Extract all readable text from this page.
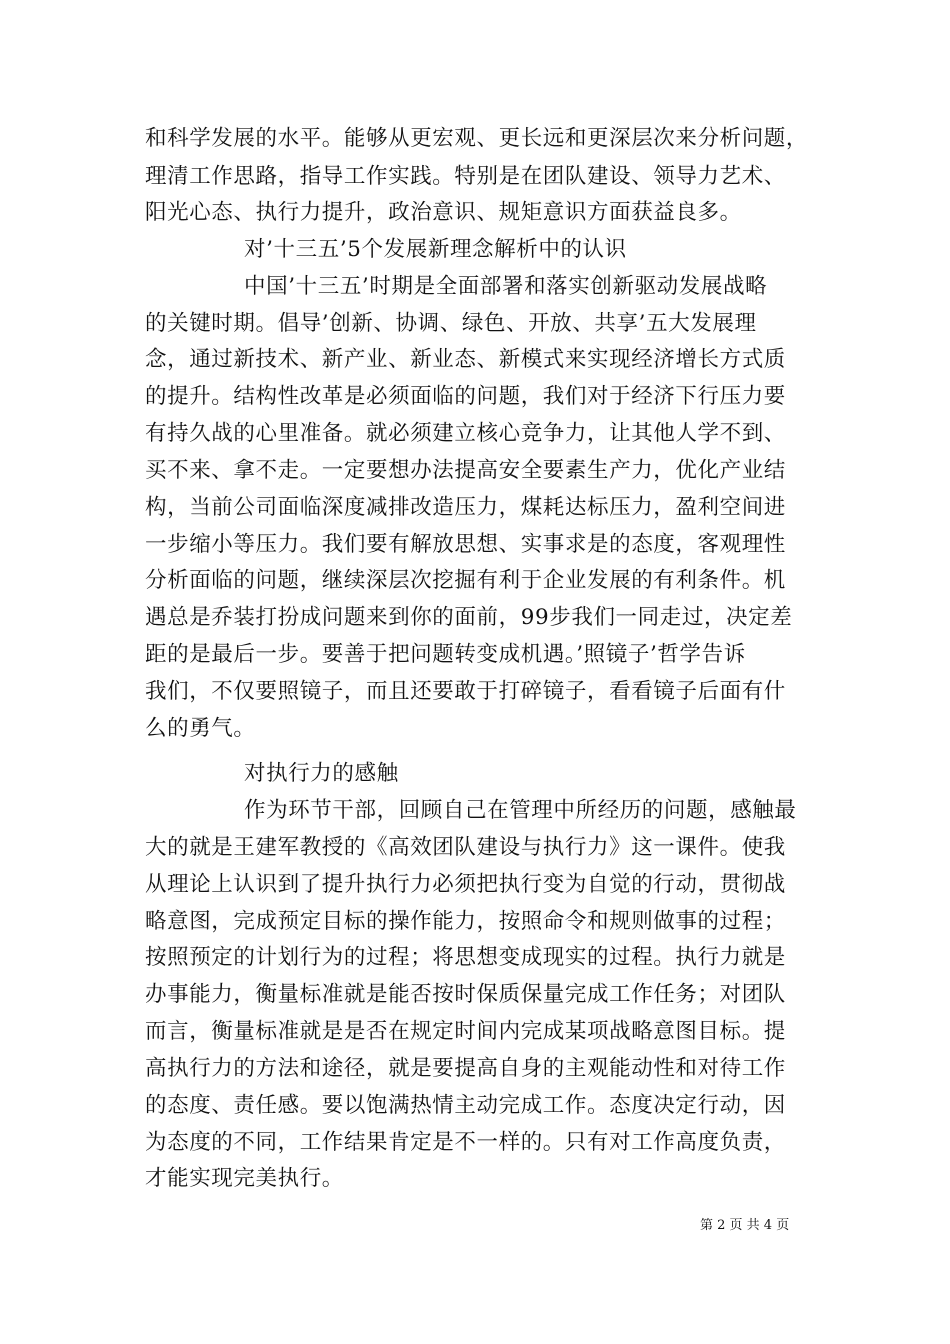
和科学发展的水平。能够从更宏观、更长远和更深层次来分析问题，
理清工作思路，指导工作实践。特别是在团队建设、领导力艺术、
阳光心态、执行力提升，政治意识、规矩意识方面获益良多。
对’十三五’5个发展新理念解析中的认识
中国’十三五’时期是全面部署和落实创新驱动发展战略
的关键时期。倡导’创新、协调、绿色、开放、共享’五大发展理
念，通过新技术、新产业、新业态、新模式来实现经济增长方式质
的提升。结构性改革是必须面临的问题，我们对于经济下行压力要
有持久战的心里准备。就必须建立核心竞争力，让其他人学不到、
买不来、拿不走。一定要想办法提高安全要素生产力，优化产业结
构，当前公司面临深度减排改造压力，煤耗达标压力，盈利空间进
一步缩小等压力。我们要有解放思想、实事求是的态度，客观理性
分析面临的问题，继续深层次挖掘有利于企业发展的有利条件。机
遇总是乔装打扮成问题来到你的面前，99步我们一同走过，决定差
距的是最后一步。要善于把问题转变成机遇。’照镜子’哲学告诉
我们，不仅要照镜子，而且还要敢于打碎镜子，看看镜子后面有什
么的勇气。
对执行力的感触
作为环节干部，回顾自己在管理中所经历的问题，感触最
大的就是王建军教授的《高效团队建设与执行力》这一课件。使我
从理论上认识到了提升执行力必须把执行变为自觉的行动，贯彻战
略意图，完成预定目标的操作能力，按照命令和规则做事的过程；
按照预定的计划行为的过程；将思想变成现实的过程。执行力就是
办事能力，衡量标准就是能否按时保质保量完成工作任务；对团队
而言，衡量标准就是是否在规定时间内完成某项战略意图目标。提
高执行力的方法和途径，就是要提高自身的主观能动性和对待工作
的态度、责任感。要以饱满热情主动完成工作。态度决定行动，因
为态度的不同，工作结果肯定是不一样的。只有对工作高度负责，
才能实现完美执行。
第 2 页 共 4 页
